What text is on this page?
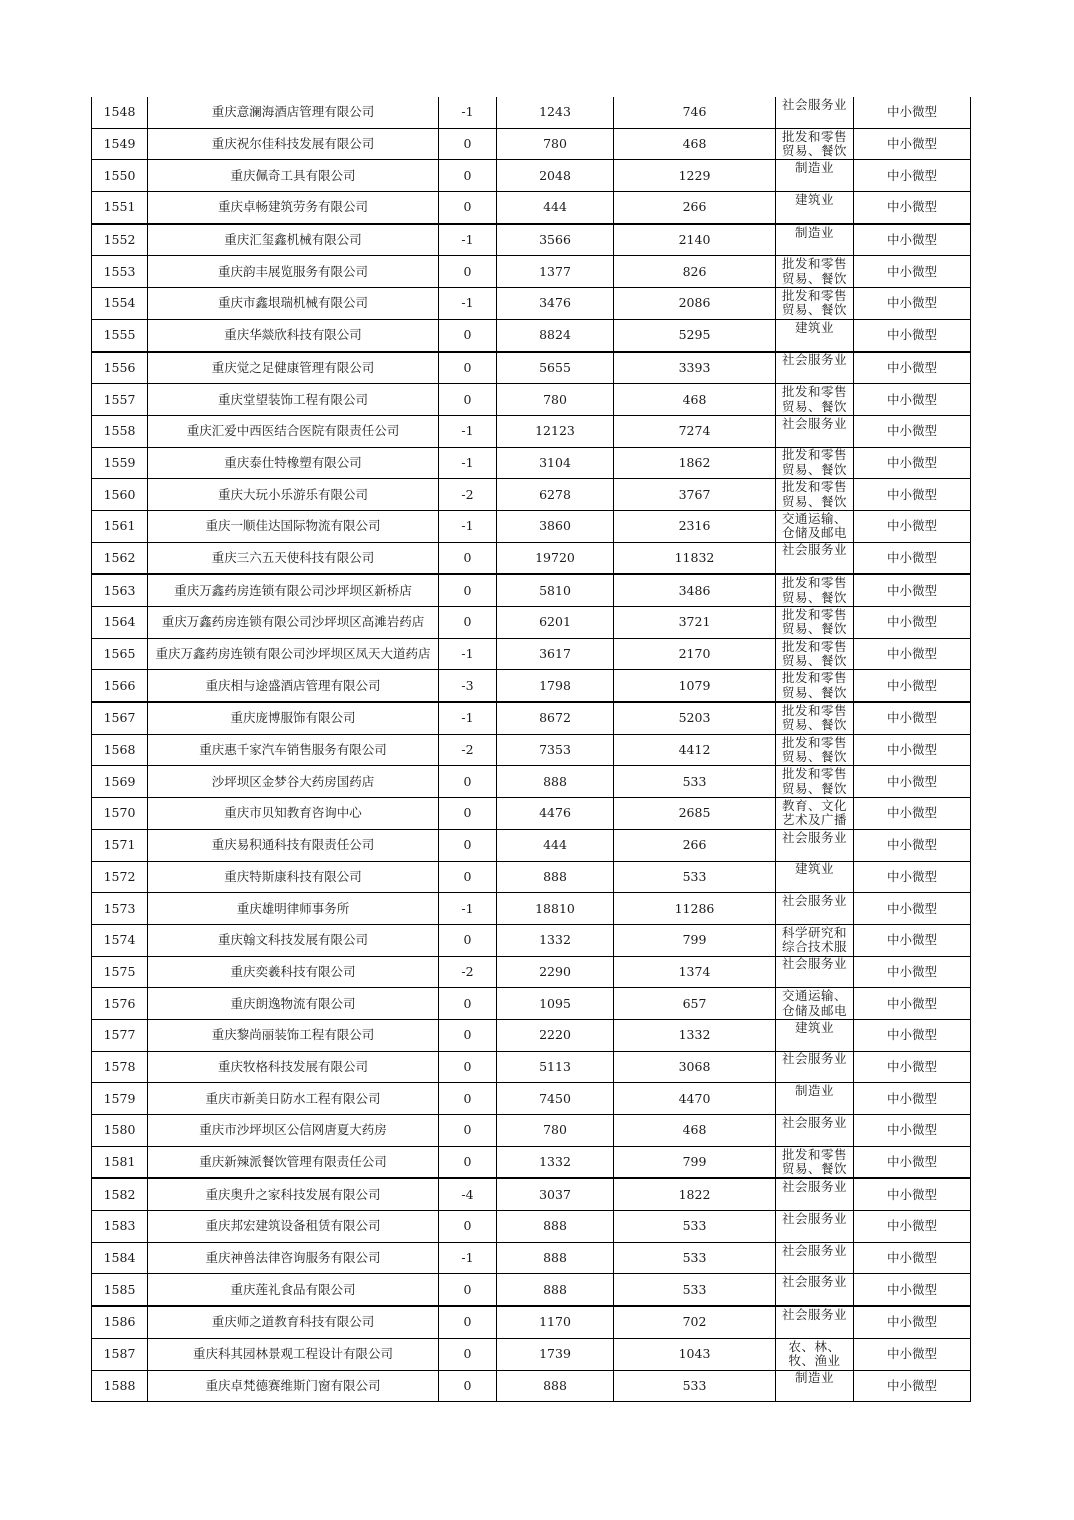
1548	重庆意澜海酒店管理有限公司	-1	1243	746	社会服务业	中小微型
1549	重庆祝尔佳科技发展有限公司	0	780	468	批发和零售贸易、餐饮	中小微型
1550	重庆佩奇工具有限公司	0	2048	1229	制造业	中小微型
1551	重庆卓畅建筑劳务有限公司	0	444	266	建筑业	中小微型
1552	重庆汇玺鑫机械有限公司	-1	3566	2140	制造业	中小微型
1553	重庆韵丰展览服务有限公司	0	1377	826	批发和零售贸易、餐饮	中小微型
1554	重庆市鑫垠瑞机械有限公司	-1	3476	2086	批发和零售贸易、餐饮	中小微型
1555	重庆华燚欣科技有限公司	0	8824	5295	建筑业	中小微型
1556	重庆觉之足健康管理有限公司	0	5655	3393	社会服务业	中小微型
1557	重庆堂望装饰工程有限公司	0	780	468	批发和零售贸易、餐饮	中小微型
1558	重庆汇爱中西医结合医院有限责任公司	-1	12123	7274	社会服务业	中小微型
1559	重庆泰仕特橡塑有限公司	-1	3104	1862	批发和零售贸易、餐饮	中小微型
1560	重庆大玩小乐游乐有限公司	-2	6278	3767	批发和零售贸易、餐饮	中小微型
1561	重庆一顺佳达国际物流有限公司	-1	3860	2316	交通运输、仓储及邮电	中小微型
1562	重庆三六五天使科技有限公司	0	19720	11832	社会服务业	中小微型
1563	重庆万鑫药房连锁有限公司沙坪坝区新桥店	0	5810	3486	批发和零售贸易、餐饮	中小微型
1564	重庆万鑫药房连锁有限公司沙坪坝区高滩岩药店	0	6201	3721	批发和零售贸易、餐饮	中小微型
1565	重庆万鑫药房连锁有限公司沙坪坝区凤天大道药店	-1	3617	2170	批发和零售贸易、餐饮	中小微型
1566	重庆相与途盛酒店管理有限公司	-3	1798	1079	批发和零售贸易、餐饮	中小微型
1567	重庆庞博服饰有限公司	-1	8672	5203	批发和零售贸易、餐饮	中小微型
1568	重庆惠千家汽车销售服务有限公司	-2	7353	4412	批发和零售贸易、餐饮	中小微型
1569	沙坪坝区金梦谷大药房国药店	0	888	533	批发和零售贸易、餐饮	中小微型
1570	重庆市贝知教育咨询中心	0	4476	2685	教育、文化艺术及广播	中小微型
1571	重庆易积通科技有限责任公司	0	444	266	社会服务业	中小微型
1572	重庆特斯康科技有限公司	0	888	533	建筑业	中小微型
1573	重庆雄明律师事务所	-1	18810	11286	社会服务业	中小微型
1574	重庆翰文科技发展有限公司	0	1332	799	科学研究和综合技术服	中小微型
1575	重庆奕羲科技有限公司	-2	2290	1374	社会服务业	中小微型
1576	重庆朗逸物流有限公司	0	1095	657	交通运输、仓储及邮电	中小微型
1577	重庆黎尚丽装饰工程有限公司	0	2220	1332	建筑业	中小微型
1578	重庆牧格科技发展有限公司	0	5113	3068	社会服务业	中小微型
1579	重庆市新美日防水工程有限公司	0	7450	4470	制造业	中小微型
1580	重庆市沙坪坝区公信网唐夏大药房	0	780	468	社会服务业	中小微型
1581	重庆新辣派餐饮管理有限责任公司	0	1332	799	批发和零售贸易、餐饮	中小微型
1582	重庆奥升之家科技发展有限公司	-4	3037	1822	社会服务业	中小微型
1583	重庆邦宏建筑设备租赁有限公司	0	888	533	社会服务业	中小微型
1584	重庆神兽法律咨询服务有限公司	-1	888	533	社会服务业	中小微型
1585	重庆莲礼食品有限公司	0	888	533	社会服务业	中小微型
1586	重庆师之道教育科技有限公司	0	1170	702	社会服务业	中小微型
1587	重庆科其园林景观工程设计有限公司	0	1739	1043	农、林、牧、渔业	中小微型
1588	重庆卓梵德赛维斯门窗有限公司	0	888	533	制造业	中小微型
